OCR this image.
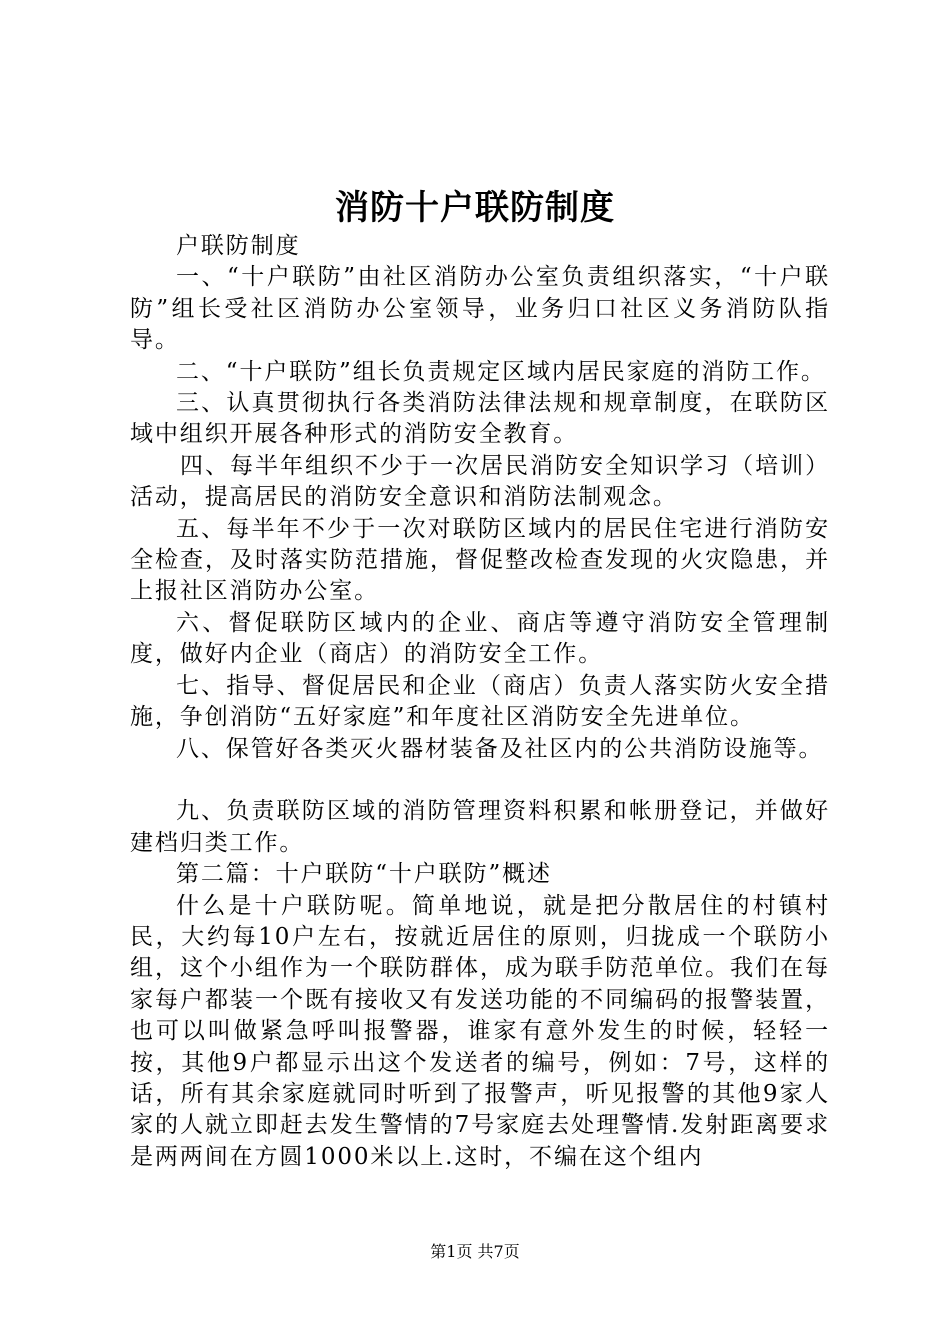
消防十户联防制度

户联防制度

一、“十户联防”由社区消防办公室负责组织落实，“十户联防”组长受社区消防办公室领导，业务归口社区义务消防队指导。

二、“十户联防”组长负责规定区域内居民家庭的消防工作。

三、认真贯彻执行各类消防法律法规和规章制度，在联防区域中组织开展各种形式的消防安全教育。

四、每半年组织不少于一次居民消防安全知识学习（培训）活动，提高居民的消防安全意识和消防法制观念。

五、每半年不少于一次对联防区域内的居民住宅进行消防安全检查，及时落实防范措施，督促整改检查发现的火灾隐患，并上报社区消防办公室。

六、督促联防区域内的企业、商店等遵守消防安全管理制度，做好内企业（商店）的消防安全工作。

七、指导、督促居民和企业（商店）负责人落实防火安全措施，争创消防“五好家庭”和年度社区消防安全先进单位。

八、保管好各类灭火器材装备及社区内的公共消防设施等。

九、负责联防区域的消防管理资料积累和帐册登记，并做好建档归类工作。

第二篇：十户联防“十户联防”概述

什么是十户联防呢。简单地说，就是把分散居住的村镇村民，大约每10户左右，按就近居住的原则，归拢成一个联防小组，这个小组作为一个联防群体，成为联手防范单位。我们在每家每户都装一个既有接收又有发送功能的不同编码的报警装置，也可以叫做紧急呼叫报警器，谁家有意外发生的时候，轻轻一按，其他9户都显示出这个发送者的编号，例如：7号，这样的话，所有其余家庭就同时听到了报警声，听见报警的其他9家人家的人就立即赶去发生警情的7号家庭去处理警情.发射距离要求是两两间在方圆1000米以上.这时，不编在这个组内

第1页 共7页
